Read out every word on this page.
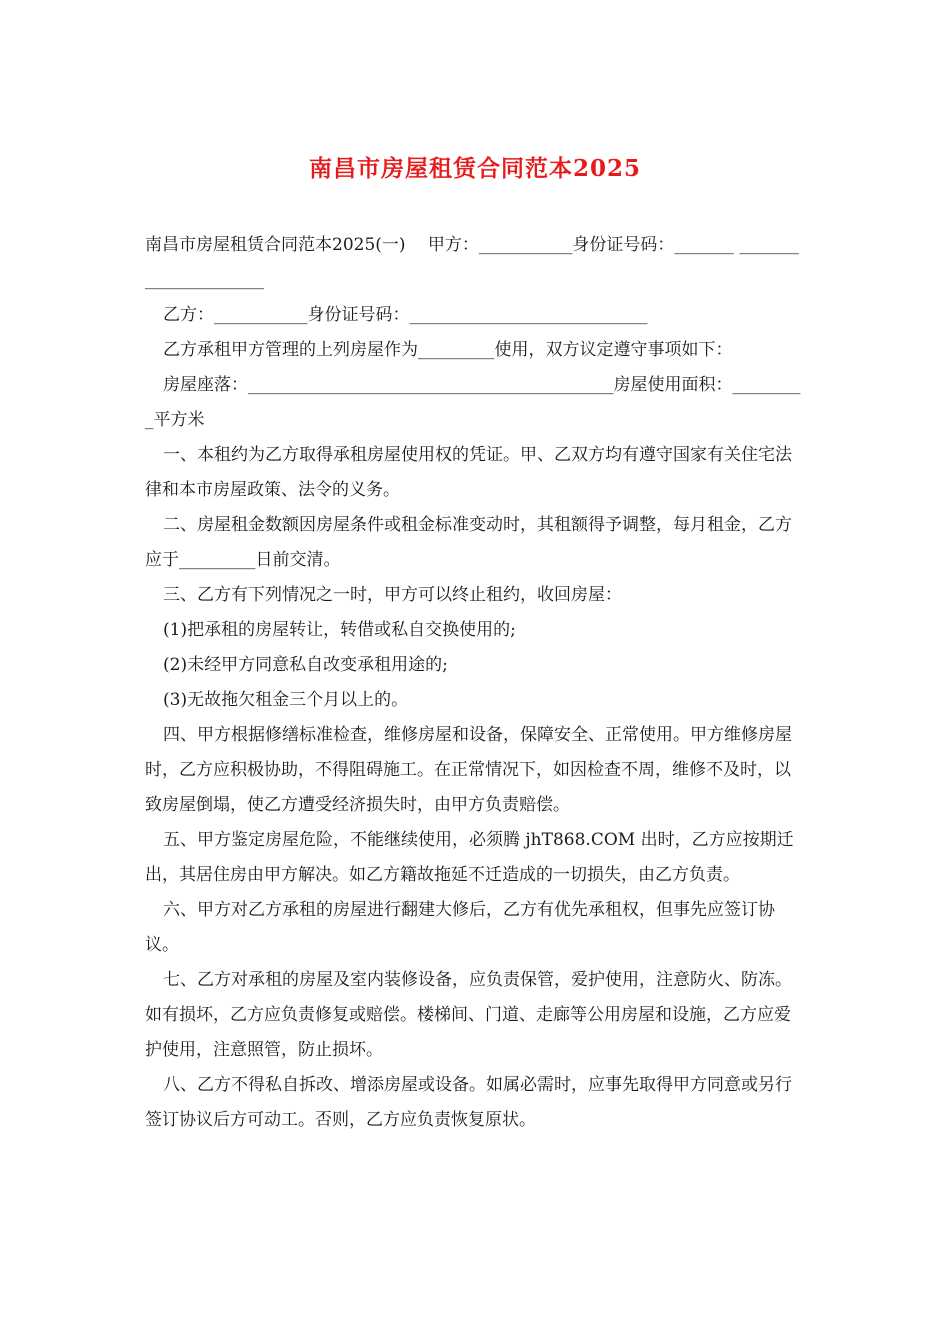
南昌市房屋租赁合同范本2025

南昌市房屋租赁合同范本2025(一)　 甲方：___________身份证号码：_______ _____________________

乙方：___________身份证号码：____________________________

乙方承租甲方管理的上列房屋作为_________使用，双方议定遵守事项如下：

房屋座落：___________________________________________房屋使用面积：_________平方米

一、本租约为乙方取得承租房屋使用权的凭证。甲、乙双方均有遵守国家有关住宅法律和本市房屋政策、法令的义务。

二、房屋租金数额因房屋条件或租金标准变动时，其租额得予调整，每月租金，乙方应于_________日前交清。

三、乙方有下列情况之一时，甲方可以终止租约，收回房屋：

(1)把承租的房屋转让，转借或私自交换使用的;

(2)未经甲方同意私自改变承租用途的;

(3)无故拖欠租金三个月以上的。

四、甲方根据修缮标准检查，维修房屋和设备，保障安全、正常使用。甲方维修房屋时，乙方应积极协助，不得阻碍施工。在正常情况下，如因检查不周，维修不及时，以致房屋倒塌，使乙方遭受经济损失时，由甲方负责赔偿。

五、甲方鉴定房屋危险，不能继续使用，必须腾 jhT868.COM 出时，乙方应按期迁出，其居住房由甲方解决。如乙方籍故拖延不迁造成的一切损失，由乙方负责。

六、甲方对乙方承租的房屋进行翻建大修后，乙方有优先承租权，但事先应签订协议。

七、乙方对承租的房屋及室内装修设备，应负责保管，爱护使用，注意防火、防冻。如有损坏，乙方应负责修复或赔偿。楼梯间、门道、走廊等公用房屋和设施，乙方应爱护使用，注意照管，防止损坏。

八、乙方不得私自拆改、增添房屋或设备。如属必需时，应事先取得甲方同意或另行签订协议后方可动工。否则，乙方应负责恢复原状。
